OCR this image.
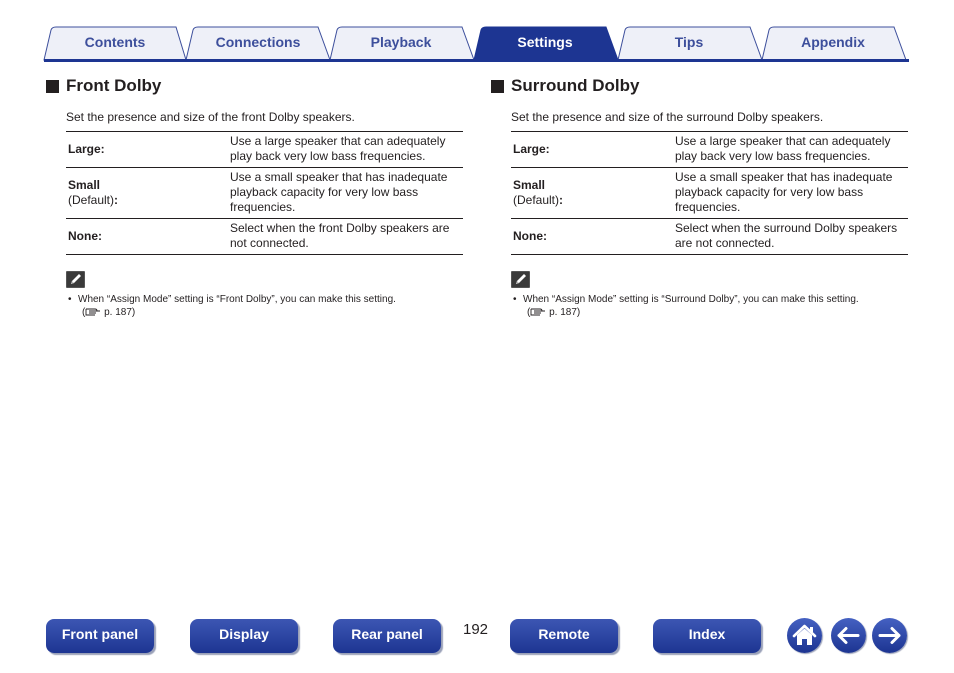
Contents	Connections	Playback	Settings	Tips	Appendix
Front Dolby
Set the presence and size of the front Dolby speakers.
Large:	Use a large speaker that can adequately play back very low bass frequencies.

Small
(Default):	Use a small speaker that has inadequate playback capacity for very low bass frequencies.
None:	Select when the front Dolby speakers are not connected.
• When “Assign Mode” setting is “Front Dolby”, you can make this setting.
( p. 187)
Surround Dolby
Set the presence and size of the surround Dolby speakers.
Large:	Use a large speaker that can adequately play back very low bass frequencies.

Small
(Default):	Use a small speaker that has inadequate playback capacity for very low bass frequencies.
None:	Select when the surround Dolby speakers are not connected.
• When “Assign Mode” setting is “Surround Dolby”, you can make this setting.
( p. 187)
Front panel	Display	Rear panel	192	Remote	Index
